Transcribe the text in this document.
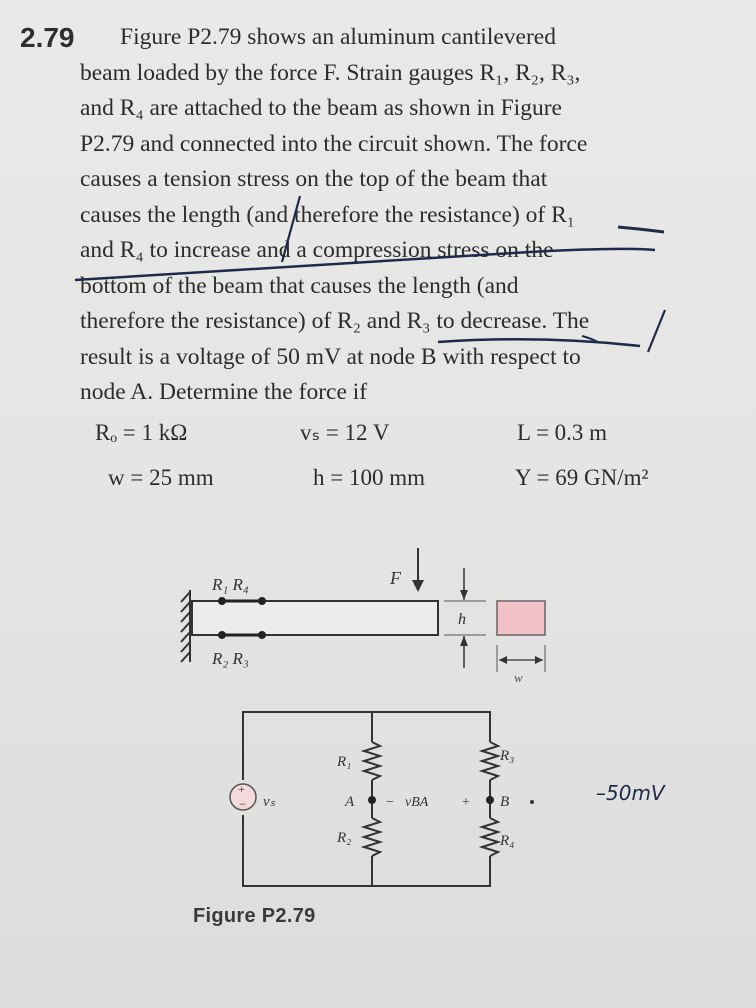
2.79	Figure P2.79 shows an aluminum cantilevered
beam loaded by the force F. Strain gauges R₁, R₂, R₃,
and R₄ are attached to the beam as shown in Figure
P2.79 and connected into the circuit shown. The force
causes a tension stress on the top of the beam that
causes the length (and therefore the resistance) of R₁
and R₄ to increase and a compression stress on the
bottom of the beam that causes the length (and
therefore the resistance) of R₂ and R₃ to decrease. The
result is a voltage of 50 mV at node B with respect to
node A. Determine the force if
Rₒ = 1 kΩ	vₛ = 12 V	L = 0.3 m
w = 25 mm	h = 100 mm	Y = 69 GN/m²
R₁ R₄
R₂ R₃
F
h
w
+
− vₛ
R₁
R₂
R₃
R₄
A	B
− vBA +	–50mV
Figure P2.79
